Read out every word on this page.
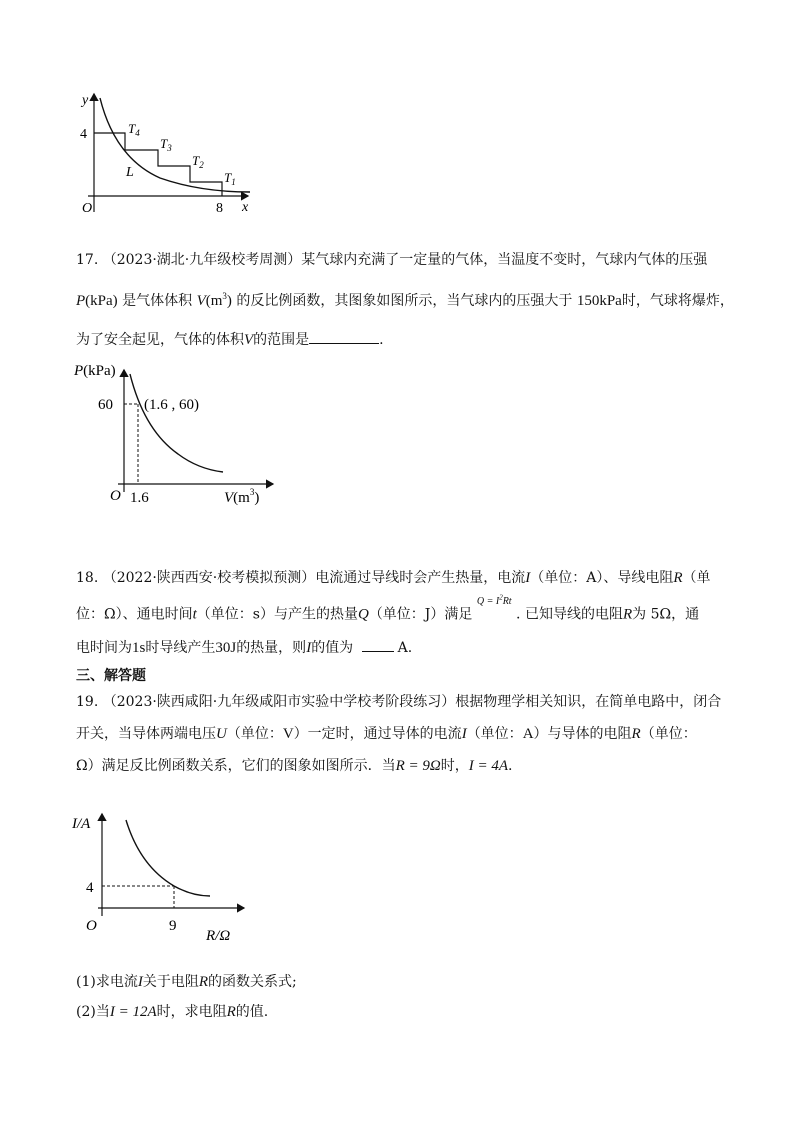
y
x
O
4
8
$T_4$
$T_3$
$T_2$
$T_1$
L
17. （2023·湖北·九年级校考周测）某气球内充满了一定量的气体，当温度不变时，气球内气体的压强
P(kPa) 是气体体积 $V(m^3)$ 的反比例函数，其图象如图所示，当气球内的压强大于 150kPa时，气球将爆炸，
为了安全起见，气体的体积V的范围是	.
P(kPa)
60 (1.6 , 60)
O 1.6	$V(m^3)$
18. （2022·陕西西安·校考模拟预测）电流通过导线时会产生热量，电流I（单位：A）、导线电阻R（单
位：Ω）、通电时间t（单位：s）与产生的热量Q（单位：J）满足 $^{Q = I^2Rt}$ . 已知导线的电阻R为 5Ω，通
电时间为1s时导线产生30J的热量，则I的值为	A.
三、解答题
19. （2023·陕西咸阳·九年级咸阳市实验中学校考阶段练习）根据物理学相关知识，在简单电路中，闭合
开关，当导体两端电压U（单位：V）一定时，通过导体的电流I（单位：A）与导体的电阻R（单位：
Ω）满足反比例函数关系，它们的图象如图所示．当R = 9Ω时，I = 4A.
I/A
4
O	9
R/Ω
(1)求电流I关于电阻R的函数关系式;
(2)当I = 12A时，求电阻R的值.
